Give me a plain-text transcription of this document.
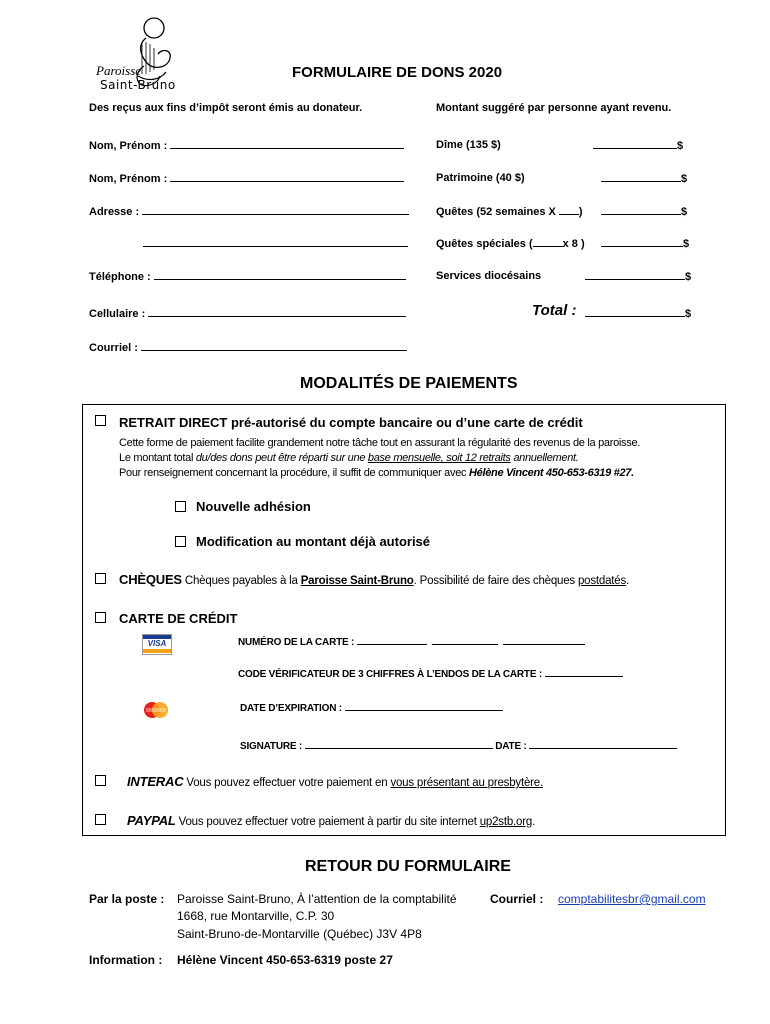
Paroisse
Saint-Bruno
FORMULAIRE DE DONS 2020
Des reçus aux fins d’impôt seront émis au donateur.	Montant suggéré par personne ayant revenu.
Nom, Prénom :
Nom, Prénom :
Adresse :
Téléphone :
Cellulaire :
Courriel :
Dîme (135 $)	$
Patrimoine (40 $)	$
Quêtes (52 semaines X )	$
Quêtes spéciales (	x 8 )	$
Services diocésains	$
Total :	$
MODALITÉS DE PAIEMENTS
RETRAIT DIRECT pré-autorisé du compte bancaire ou d’une carte de crédit
Cette forme de paiement facilite grandement notre tâche tout en assurant la régularité des revenus de la paroisse.
Le montant total du/des dons peut être réparti sur une base mensuelle, soit 12 retraits annuellement.
Pour renseignement concernant la procédure, il suffit de communiquer avec Hélène Vincent 450-653-6319 #27.
Nouvelle adhésion
Modification au montant déjà autorisé
CHÈQUES Chèques payables à la Paroisse Saint-Bruno. Possibilité de faire des chèques postdatés.
CARTE DE CRÉDIT
VISA	NUMÉRO DE LA CARTE :
CODE VÉRIFICATEUR DE 3 CHIFFRES À L’ENDOS DE LA CARTE :
DATE D’EXPIRATION :
SIGNATURE :	DATE :
INTERAC Vous pouvez effectuer votre paiement en vous présentant au presbytère.
PAYPAL Vous pouvez effectuer votre paiement à partir du site internet up2stb.org.
RETOUR DU FORMULAIRE
Par la poste : Paroisse Saint-Bruno, À l’attention de la comptabilité
1668, rue Montarville, C.P. 30
Saint-Bruno-de-Montarville (Québec) J3V 4P8
Courriel : comptabilitesbr@gmail.com
Information : Hélène Vincent 450-653-6319 poste 27
